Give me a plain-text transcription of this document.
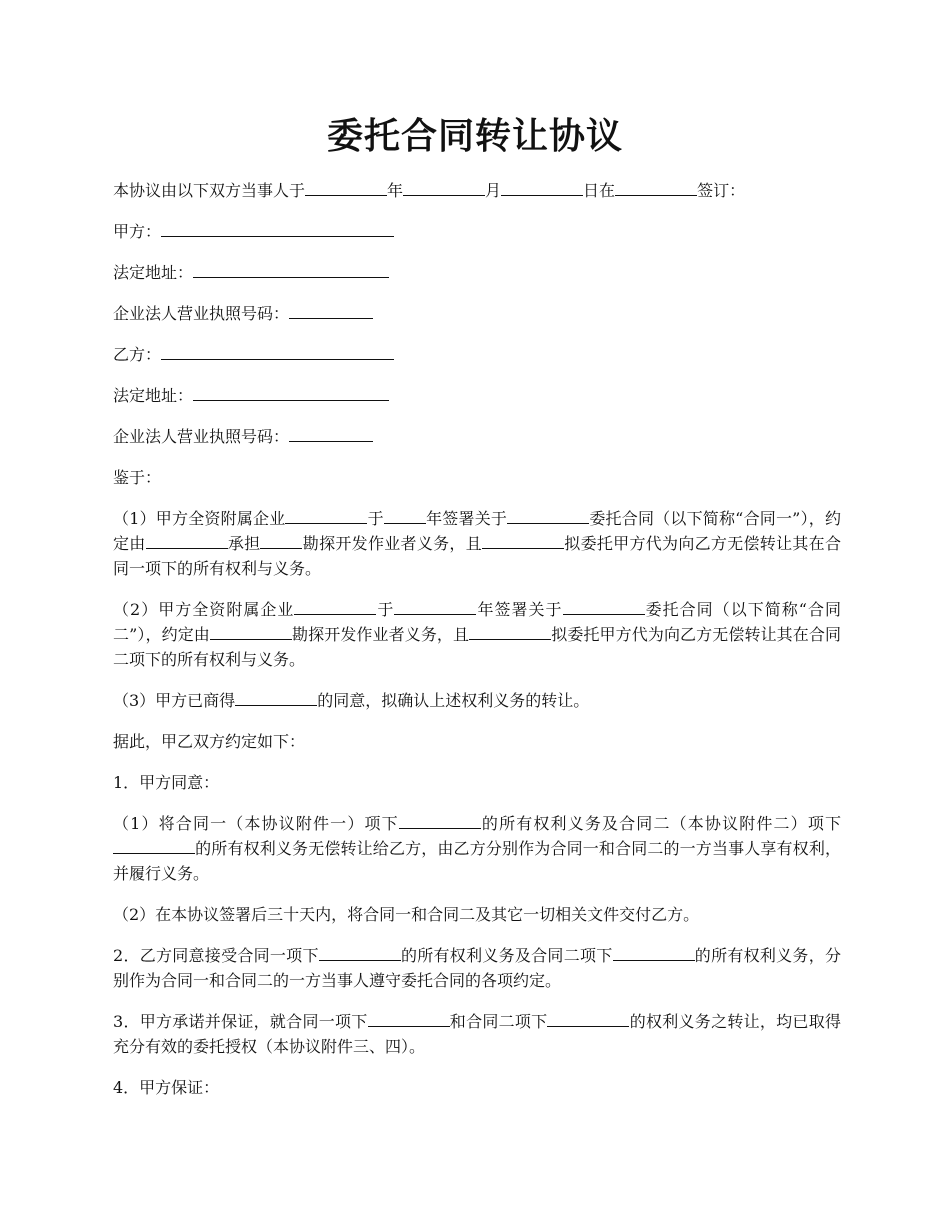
委托合同转让协议

本协议由以下双方当事人于	年	月	日在	签订：

甲方：

法定地址：

企业法人营业执照号码：

乙方：

法定地址：

企业法人营业执照号码：

鉴于：

（1）甲方全资附属企业	于	年签署关于	委托合同（以下简称“合同一”），约定由	承担	勘探开发作业者义务，且	拟委托甲方代为向乙方无偿转让其在合同一项下的所有权利与义务。

（2）甲方全资附属企业	于	年签署关于	委托合同（以下简称“合同二”），约定由	勘探开发作业者义务，且	拟委托甲方代为向乙方无偿转让其在合同二项下的所有权利与义务。

（3）甲方已商得	的同意，拟确认上述权利义务的转让。

据此，甲乙双方约定如下：

1．甲方同意：

（1）将合同一（本协议附件一）项下	的所有权利义务及合同二（本协议附件二）项下的所有权利义务无偿转让给乙方，由乙方分别作为合同一和合同二的一方当事人享有权利，并履行义务。

（2）在本协议签署后三十天内，将合同一和合同二及其它一切相关文件交付乙方。

2．乙方同意接受合同一项下	的所有权利义务及合同二项下	的所有权利义务，分别作为合同一和合同二的一方当事人遵守委托合同的各项约定。

3．甲方承诺并保证，就合同一项下	和合同二项下	的权利义务之转让，均已取得充分有效的委托授权（本协议附件三、四）。

4．甲方保证：
